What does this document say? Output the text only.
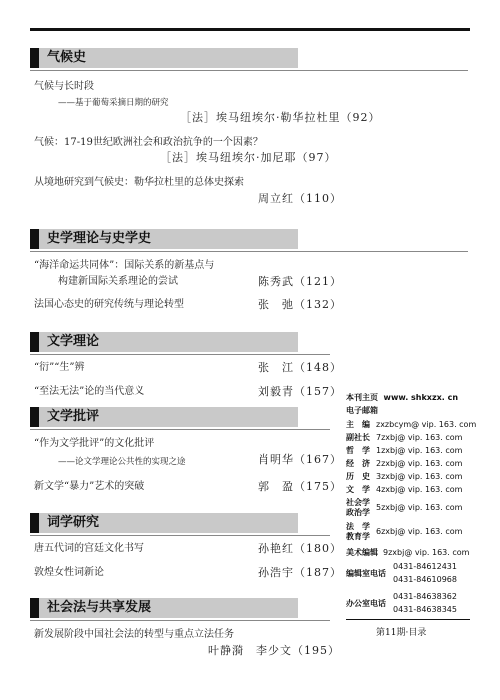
气候史
气候与长时段
——基于葡萄采摘日期的研究
［法］埃马纽埃尔·勒华拉杜里（92）
气候：17-19世纪欧洲社会和政治抗争的一个因素？
［法］埃马纽埃尔·加尼耶（97）
从境地研究到气候史：勒华拉杜里的总体史探索
周立红（110）
史学理论与史学史
“海洋命运共同体”：国际关系的新基点与
构建新国际关系理论的尝试	陈秀武（121）
法国心态史的研究传统与理论转型	张　弛（132）
文学理论
“衍”“生”辨	张　江（148）
“至法无法”论的当代意义	刘毅青（157）
文学批评
“作为文学批评”的文化批评
——论文学理论公共性的实现之途	肖明华（167）
新文学“暴力”艺术的突破	郭　盈（175）
词学研究
唐五代词的宫廷文化书写	孙艳红（180）
敦煌女性词新论	孙浩宇（187）
社会法与共享发展
新发展阶段中国社会法的转型与重点立法任务
叶静漪　李少文（195）
本刊主页 www. shkxzx. cn
电子邮箱
主　编 zxzbcym@ vip. 163. com
副社长 7zxbj@ vip. 163. com
哲　学 1zxbj@ vip. 163. com
经　济 2zxbj@ vip. 163. com
历　史 3zxbj@ vip. 163. com
文　学 4zxbj@ vip. 163. com
社会学
政治学
5zxbj@ vip. 163. com
法　学
教育学
6zxbj@ vip. 163. com
美术编辑 9zxbj@ vip. 163. com
编辑室电话
0431-84612431
0431-84610968
办公室电话
0431-84638362
0431-84638345
第11期·目录
